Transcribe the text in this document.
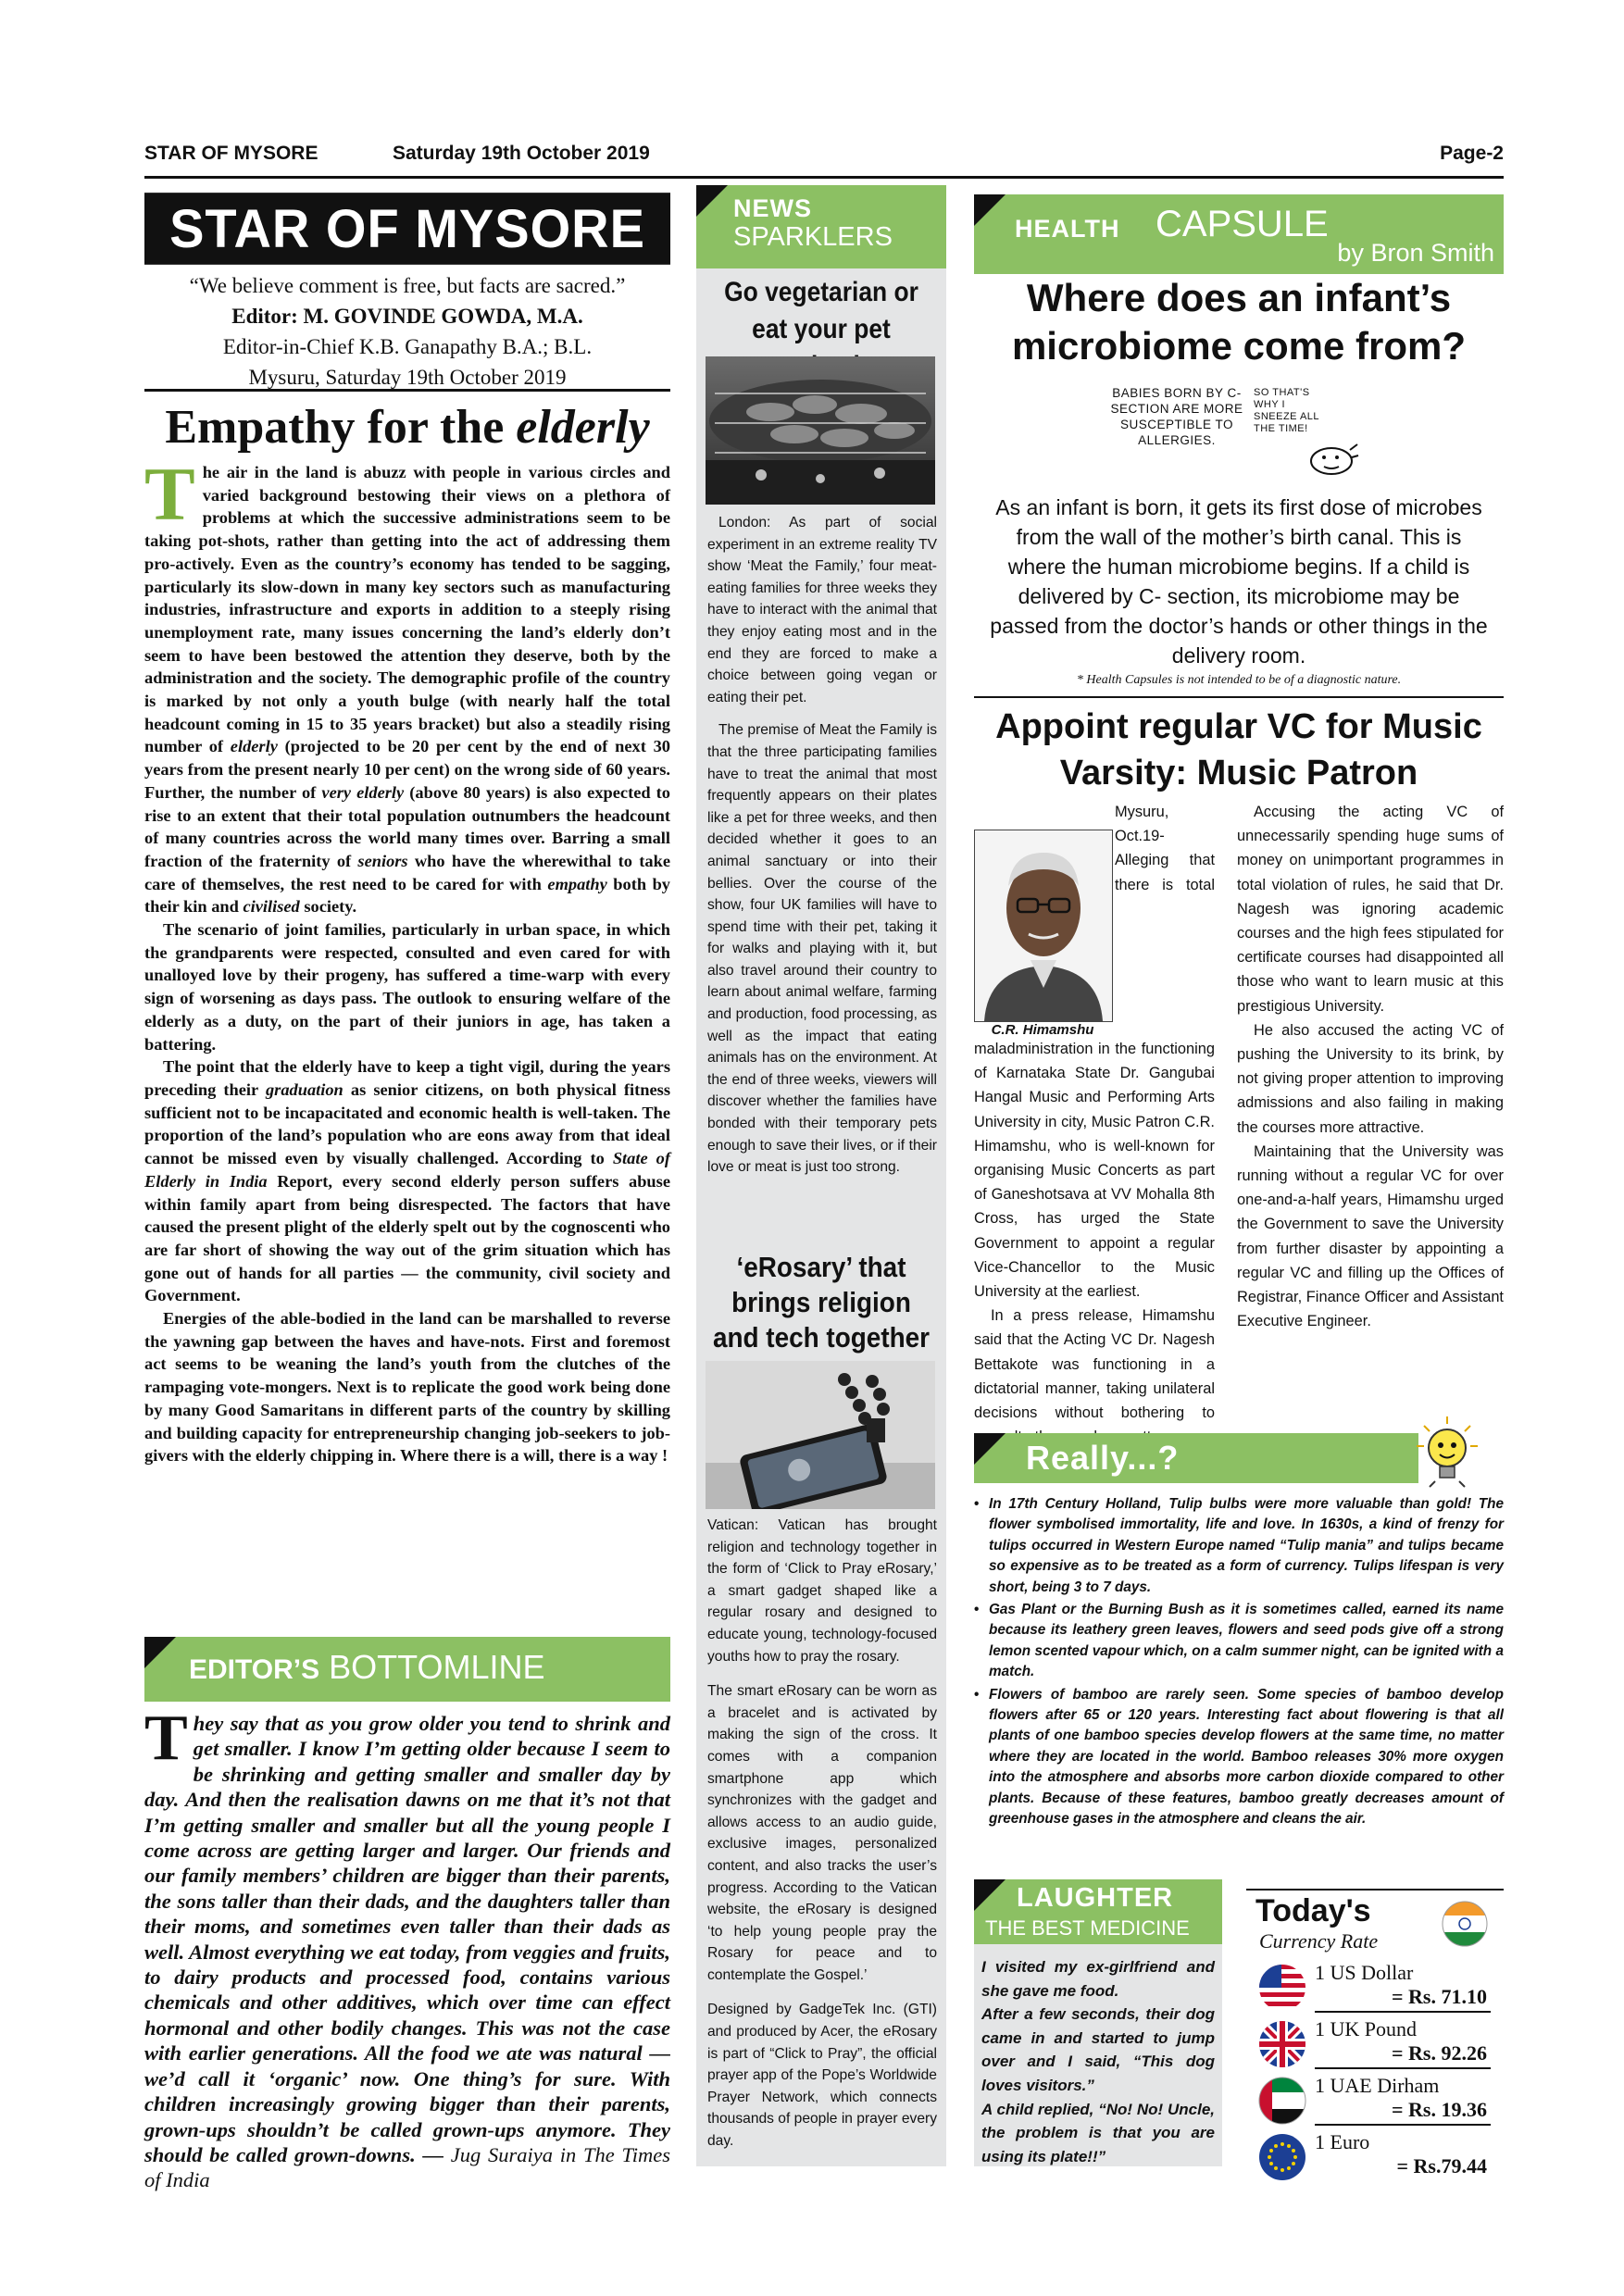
STAR OF MYSORE	Saturday 19th October 2019	Page-2
STAR OF MYSORE
“We believe comment is free, but facts are sacred.”
Editor: M. GOVINDE GOWDA, M.A.
Editor-in-Chief K.B. Ganapathy B.A.; B.L.
Mysuru, Saturday 19th October 2019
Empathy for the elderly

The air in the land is abuzz with people in various circles and varied background bestowing their views on a plethora of problems at which the successive administrations seem to be taking pot-shots, rather than getting into the act of addressing them pro-actively. Even as the country’s economy has tended to be sagging, particularly its slow-down in many key sectors such as manufacturing industries, infrastructure and exports in addition to a steeply rising unemployment rate, many issues concerning the land’s elderly don’t seem to have been bestowed the attention they deserve, both by the administration and the society. The demographic profile of the country is marked by not only a youth bulge (with nearly half the total headcount coming in 15 to 35 years bracket) but also a steadily rising number of elderly (projected to be 20 per cent by the end of next 30 years from the present nearly 10 per cent) on the wrong side of 60 years. Further, the number of very elderly (above 80 years) is also expected to rise to an extent that their total population outnumbers the headcount of many countries across the world many times over. Barring a small fraction of the fraternity of seniors who have the wherewithal to take care of themselves, the rest need to be cared for with empathy both by their kin and civilised society.

The scenario of joint families, particularly in urban space, in which the grandparents were respected, consulted and even cared for with unalloyed love by their progeny, has suffered a time-warp with every sign of worsening as days pass. The outlook to ensuring welfare of the elderly as a duty, on the part of their juniors in age, has taken a battering.

The point that the elderly have to keep a tight vigil, during the years preceding their graduation as senior citizens, on both physical fitness sufficient not to be incapacitated and economic health is well-taken. The proportion of the land’s population who are eons away from that ideal cannot be missed even by visually challenged. According to State of Elderly in India Report, every second elderly person suffers abuse within family apart from being disrespected. The factors that have caused the present plight of the elderly spelt out by the cognoscenti who are far short of showing the way out of the grim situation which has gone out of hands for all parties — the community, civil society and Government.

Energies of the able-bodied in the land can be marshalled to reverse the yawning gap between the haves and have-nots. First and foremost act seems to be weaning the land’s youth from the clutches of the rampaging vote-mongers. Next is to replicate the good work being done by many Good Samaritans in different parts of the country by skilling and building capacity for entrepreneurship changing job-seekers to job-givers with the elderly chipping in. Where there is a will, there is a way !

EDITOR’S BOTTOMLINE
They say that as you grow older you tend to shrink and get smaller. I know I’m getting older because I seem to be shrinking and getting smaller and smaller day by day. And then the realisation dawns on me that it’s not that I’m getting smaller and smaller but all the young people I come across are getting larger and larger. Our friends and our family members’ children are bigger than their parents, the sons taller than their dads, and the daughters taller than their moms, and sometimes even taller than their dads as well. Almost everything we eat today, from veggies and fruits, to dairy products and processed food, contains various chemicals and other additives, which over time can effect hormonal and other bodily changes. This was not the case with earlier generations. All the food we ate was natural — we’d call it ‘organic’ now. One thing’s for sure. With children increasingly growing bigger than their parents, grown-ups shouldn’t be called grown-ups anymore. They should be called grown-downs. — Jug Suraiya in The Times of India
NEWS
SPARKLERS
Go vegetarian or eat your pet

London: As part of social experiment in an extreme reality TV show ‘Meat the Family,’ four meat-eating families for three weeks they have to interact with the animal that they enjoy eating most and in the end they are forced to make a choice between going vegan or eating their pet.

The premise of Meat the Family is that the three participating families have to treat the animal that most frequently appears on their plates like a pet for three weeks, and then decided whether it goes to an animal sanctuary or into their bellies. Over the course of the show, four UK families will have to spend time with their pet, taking it for walks and playing with it, but also travel around their country to learn about animal welfare, farming and production, food processing, as well as the impact that eating animals has on the environment. At the end of three weeks, viewers will discover whether the families have bonded with their temporary pets enough to save their lives, or if their love or meat is just too strong.

‘eRosary’ that brings religion and tech together

Vatican: Vatican has brought religion and technology together in the form of ‘Click to Pray eRosary,’ a smart gadget shaped like a regular rosary and designed to educate young, technology-focused youths how to pray the rosary.

The smart eRosary can be worn as a bracelet and is activated by making the sign of the cross. It comes with a companion smartphone app which synchronizes with the gadget and allows access to an audio guide, exclusive images, personalized content, and also tracks the user’s progress. According to the Vatican website, the eRosary is designed ‘to help young people pray the Rosary for peace and to contemplate the Gospel.’

Designed by GadgeTek Inc. (GTI) and produced by Acer, the eRosary is part of “Click to Pray”, the official prayer app of the Pope’s Worldwide Prayer Network, which connects thousands of people in prayer every day.

HEALTH CAPSULE
by Bron Smith
Where does an infant’s microbiome come from?
BABIES BORN BY C-SECTION ARE MORE SUSCEPTIBLE TO ALLERGIES.
SO THAT'S WHY I SNEEZE ALL THE TIME!
As an infant is born, it gets its first dose of microbes from the wall of the mother’s birth canal. This is where the human microbiome begins. If a child is delivered by C- section, its microbiome may be passed from the doctor’s hands or other things in the delivery room.
* Health Capsules is not intended to be of a diagnostic nature.
Appoint regular VC for Music Varsity: Music Patron

Mysuru, Oct.19- Alleging that there is total maladministration in the functioning of Karnataka State Dr. Gangubai Hangal Music and Performing Arts University in city, Music Patron C.R. Himamshu, who is well-known for organising Music Concerts as part of Ganeshotsava at VV Mohalla 8th Cross, has urged the State Government to appoint a regular Vice-Chancellor to the Music University at the earliest.

In a press release, Himamshu said that the Acting VC Dr. Nagesh Bettakote was functioning in a dictatorial manner, taking unilateral decisions without bothering to

C.R. Himamshu

Accusing the acting VC of unnecessarily spending huge sums of money on unimportant programmes in total violation of rules, he said that Dr. Nagesh was ignoring academic courses and the high fees stipulated for certificate courses had disappointed all those who want to learn music at this prestigious University.

He also accused the acting VC of pushing the University to its brink, by not giving proper attention to improving admissions and also failing in making the courses more attractive.

Maintaining that the University was running without a regular VC for over one-and-a-half years, Himamshu urged the Government to save the University from further disaster by appointing a regular VC and filling up the Offices of Registrar, Finance Officer and Assistant Executive Engineer.

Really...?
• In 17th Century Holland, Tulip bulbs were more valuable than gold! The flower symbolised immortality, life and love. In 1630s, a kind of frenzy for tulips occurred in Western Europe named “Tulip mania” and tulips became so expensive as to be treated as a form of currency. Tulips lifespan is very short, being 3 to 7 days.
• Gas Plant or the Burning Bush as it is sometimes called, earned its name because its leathery green leaves, flowers and seed pods give off a strong lemon scented vapour which, on a calm summer night, can be ignited with a match.
• Flowers of bamboo are rarely seen. Some species of bamboo develop flowers after 65 or 120 years. Interesting fact about flowering is that all plants of one bamboo species develop flowers at the same time, no matter where they are located in the world. Bamboo releases 30% more oxygen into the atmosphere and absorbs more carbon dioxide compared to other plants. Because of these features, bamboo greatly decreases amount of greenhouse gases in the atmosphere and cleans the air.
LAUGHTER
THE BEST MEDICINE
I visited my ex-girlfriend and she gave me food.
After a few seconds, their dog came in and started to jump over and I said, “This dog loves visitors.”
A child replied, “No! No! Uncle, the problem is that you are using its plate!!”
Today's
Currency Rate
1 US Dollar
= Rs. 71.10
1 UK Pound
= Rs. 92.26
1 UAE Dirham
= Rs. 19.36
1 Euro
= Rs.79.44
